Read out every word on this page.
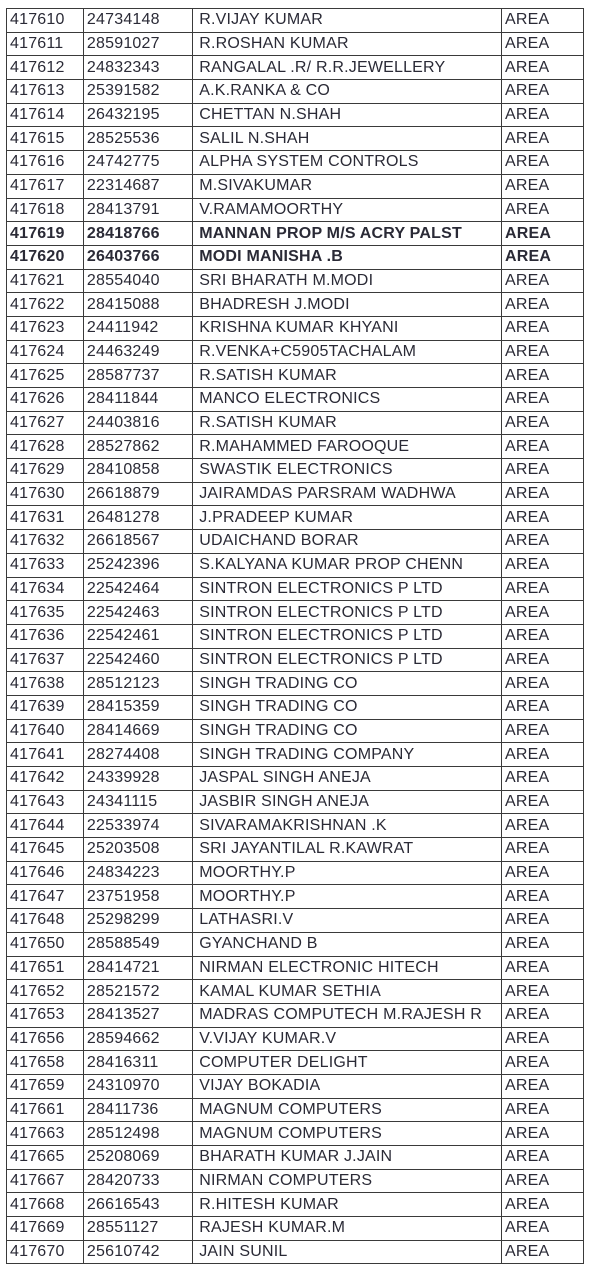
417610	24734148	R.VIJAY KUMAR	AREA
417611	28591027	R.ROSHAN KUMAR	AREA
417612	24832343	RANGALAL .R/ R.R.JEWELLERY	AREA
417613	25391582	A.K.RANKA & CO	AREA
417614	26432195	CHETTAN N.SHAH	AREA
417615	28525536	SALIL N.SHAH	AREA
417616	24742775	ALPHA SYSTEM CONTROLS	AREA
417617	22314687	M.SIVAKUMAR	AREA
417618	28413791	V.RAMAMOORTHY	AREA
417619	28418766	MANNAN PROP M/S ACRY PALST	AREA
417620	26403766	MODI MANISHA .B	AREA
417621	28554040	SRI BHARATH M.MODI	AREA
417622	28415088	BHADRESH J.MODI	AREA
417623	24411942	KRISHNA KUMAR KHYANI	AREA
417624	24463249	R.VENKA+C5905TACHALAM	AREA
417625	28587737	R.SATISH KUMAR	AREA
417626	28411844	MANCO ELECTRONICS	AREA
417627	24403816	R.SATISH KUMAR	AREA
417628	28527862	R.MAHAMMED FAROOQUE	AREA
417629	28410858	SWASTIK ELECTRONICS	AREA
417630	26618879	JAIRAMDAS PARSRAM WADHWA	AREA
417631	26481278	J.PRADEEP KUMAR	AREA
417632	26618567	UDAICHAND BORAR	AREA
417633	25242396	S.KALYANA KUMAR PROP CHENN	AREA
417634	22542464	SINTRON ELECTRONICS P LTD	AREA
417635	22542463	SINTRON ELECTRONICS P LTD	AREA
417636	22542461	SINTRON ELECTRONICS P LTD	AREA
417637	22542460	SINTRON ELECTRONICS P LTD	AREA
417638	28512123	SINGH TRADING CO	AREA
417639	28415359	SINGH TRADING CO	AREA
417640	28414669	SINGH TRADING CO	AREA
417641	28274408	SINGH TRADING COMPANY	AREA
417642	24339928	JASPAL SINGH ANEJA	AREA
417643	24341115	JASBIR SINGH ANEJA	AREA
417644	22533974	SIVARAMAKRISHNAN .K	AREA
417645	25203508	SRI JAYANTILAL R.KAWRAT	AREA
417646	24834223	MOORTHY.P	AREA
417647	23751958	MOORTHY.P	AREA
417648	25298299	LATHASRI.V	AREA
417650	28588549	GYANCHAND B	AREA
417651	28414721	NIRMAN ELECTRONIC HITECH	AREA
417652	28521572	KAMAL KUMAR SETHIA	AREA
417653	28413527	MADRAS COMPUTECH M.RAJESH R	AREA
417656	28594662	V.VIJAY KUMAR.V	AREA
417658	28416311	COMPUTER DELIGHT	AREA
417659	24310970	VIJAY BOKADIA	AREA
417661	28411736	MAGNUM COMPUTERS	AREA
417663	28512498	MAGNUM COMPUTERS	AREA
417665	25208069	BHARATH KUMAR J.JAIN	AREA
417667	28420733	NIRMAN COMPUTERS	AREA
417668	26616543	R.HITESH KUMAR	AREA
417669	28551127	RAJESH KUMAR.M	AREA
417670	25610742	JAIN SUNIL	AREA
